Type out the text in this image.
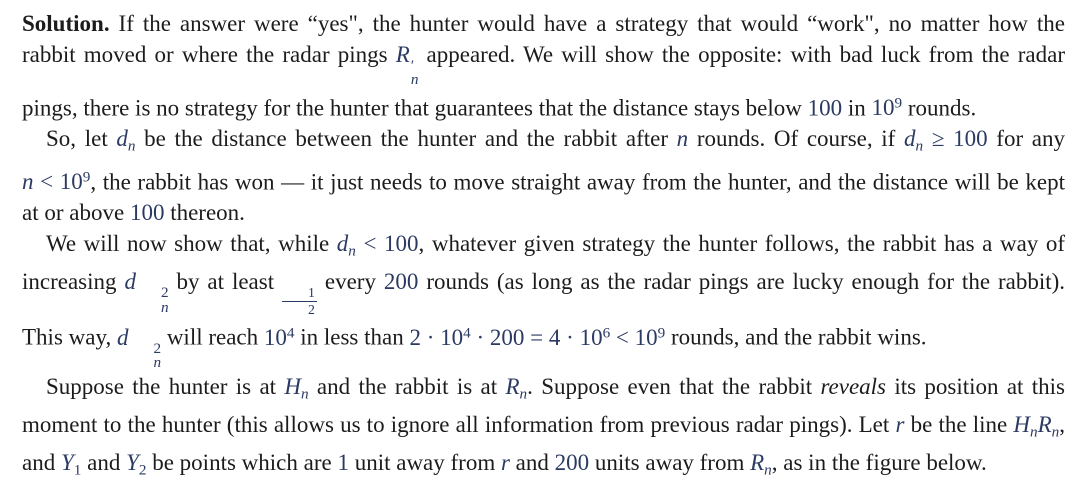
Solution. If the answer were “yes", the hunter would have a strategy that would “work", no matter how the rabbit moved or where the radar pings R ′
n
appeared. We will show the opposite: with bad luck from the radar pings, there is no strategy for the hunter that guarantees that the distance stays below 100 in $10^9$ rounds.

So, let dn be the distance between the hunter and the rabbit after n rounds. Of course, if dn ≥ 100 for any $n < 10^9$, the rabbit has won — it just needs to move straight away from the hunter, and the distance will be kept at or above 100 thereon.

We will now show that, while dn < 100, whatever given strategy the hunter follows, the rabbit has a way of increasing d	2
n
by at least
$\frac{1}{2}$
every 200 rounds (as long as the radar pings are lucky enough for the rabbit). This way, d	2
n
will reach $10^4$ in less than $2 \cdot 10^4 \cdot 200 = 4 \cdot 10^6 < 10^9$ rounds, and the rabbit wins.

Suppose the hunter is at Hn and the rabbit is at Rn. Suppose even that the rabbit reveals its position at this moment to the hunter (this allows us to ignore all information from previous radar pings). Let r be the line HnRn, and Y1 and Y2 be points which are 1 unit away from r and 200 units away from Rn, as in the figure below.
